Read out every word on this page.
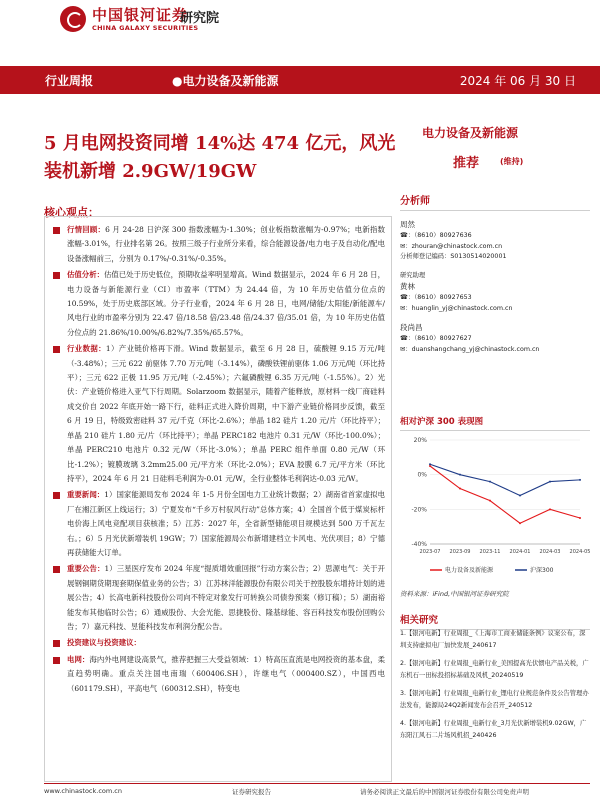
中国银河证券
CHINA GALAXY SECURITIES
研究院
行业周报	●电力设备及新能源	2024 年 06 月 30 日
5 月电网投资同增 14%达 474 亿元，风光装机新增 2.9GW/19GW
电力设备及新能源
推荐	(维持)
核心观点：
行情回顾：6 月 24-28 日沪深 300 指数涨幅为-1.30%；创业板指数涨幅为-0.97%；电新指数涨幅-3.01%，行业排名第 26。按照三级子行业所分来看，综合能源设备/电力电子及自动化/配电设备涨幅前三，分别为 0.17%/-0.31%/-0.35%。
估值分析：估值已处于历史低位，预期收益率明显增高。Wind 数据显示，2024 年 6 月 28 日，电力设备与新能源行业（CI）市盈率（TTM）为 24.44 倍，为 10 年历史估值分位点的 10.59%，处于历史底部区域。分子行业看，2024 年 6 月 28 日，电网/储能/太阳能/新能源车/风电行业的市盈率分别为 22.47 倍/18.58 倍/23.48 倍/24.37 倍/35.01 倍，为 10 年历史估值分位点的 21.86%/10.00%/6.82%/7.35%/65.57%。
行业数据：1）产业链价格再下滑。Wind 数据显示，截至 6 月 28 日，硫酸锂 9.15 万元/吨（-3.48%）；三元 622 前驱体 7.70 万元/吨（-3.14%），磷酸铁锂前驱体 1.06 万元/吨（环比持平）；三元 622 正极 11.95 万元/吨（-2.45%）；六氟磷酸锂 6.35 万元/吨（-1.55%）。2）光伏：产业链价格进入亚气下行周期。Solarzoom 数据显示，随着产能释放，原材料一线厂商硅料成交价自 2022 年底开始一路下行，硅料正式进入降价周期，中下游产业链价格同步反馈，截至 6 月 19 日，特级致密硅料 37 元/千克（环比-2.6%）；单晶 182 硅片 1.20 元/片（环比持平）；单晶 210 硅片 1.80 元/片（环比持平）；单晶 PERC182 电池片 0.31 元/W（环比-100.0%）；单晶 PERC210 电池片 0.32 元/W（环比-3.0%）；单晶 PERC 组件单面 0.80 元/W（环比-1.2%）；镀膜玻璃 3.2mm25.00 元/平方米（环比-2.0%）；EVA 胶膜 6.7 元/平方米（环比持平），2024 年 6 月 21 日硅料毛利润为-0.01 元/W，全行业整体毛利润达-0.03 元/W。
重要新闻：1）国家能源局发布 2024 年 1-5 月份全国电力工业统计数据；2）湖南省首家虚拟电厂在湘江新区上线运行；3）宁夏发布“千乡万村驭风行动”总体方案；4）全国首个低于煤炭标杆电价海上风电竞配项目获核准；5）江苏：2027 年，全省新型储能项目规模达到 500 万千瓦左右。；6）5 月光伏新增装机 19GW；7）国家能源局公布新增建档立卡风电、光伏项目；8）宁德再获储能大订单。
重要公告：1）三星医疗发布 2024 年度“提质增效重回报”行动方案公告；2）思源电气：关于开展钢铜期货期现套期保值业务的公告；3）江苏林洋能源股份有限公司关于控股股东增持计划的进展公告；4）长高电新科技股份公司向不特定对象发行可转换公司债券预案（修订稿）；5）湖南裕能发布其他临时公告；6）通威股份、大会光能、思捷股份、隆基绿能、容百科技发布股份回购公告；7）嘉元科技、昱能科技发布利润分配公告。
投资建议与投资建议：
电网：海内外电网建设高景气，推荐把握三大受益领域：1）特高压直流是电网投资的基本盘，柔直趋势明确。重点关注国电南瑞（600406.SH），许继电气（000400.SZ），中国西电（601179.SH），平高电气（600312.SH），特变电
分析师
周然
☎：（8610）80927636
✉：zhouran@chinastock.com.cn
分析师登记编码：S0130514020001
研究助理
黄林
☎：（8610）80927653
✉：huanglin_yj@chinastock.com.cn
段尚昌
☎：（8610）80927627
✉：duanshangchang_yj@chinastock.com.cn
相对沪深 300 表现图
-40%
-20%
0%
20%
2023-07 2023-09 2023-11 2024-01 2024-03 2024-05
电力设备及新能源	沪深300
资料来源：iFind,中国银河证券研究院
相关研究
1.【银河电新】行业周报_《上海市工商业储能条例》议案公布，深圳支持虚拟电厂加快发展_240617
2.【银河电新】行业周报_电新行业_美国提高光伏惯电产品关税，广东机石一田标投招标基础及风机_20240519
3.【银河电新】行业周报_电新行业_锂电行业规范条件及公告管理办法发布，能源局24Q2新闻发布会召开_240512
4.【银河电新】行业周报_电新行业_3月光伏新增装机9.02GW，广东阳江风石二片场风机招_240426
www.chinastock.com.cn	证券研究报告	请务必阅读正文最后的中国银河证券股份有限公司免责声明
